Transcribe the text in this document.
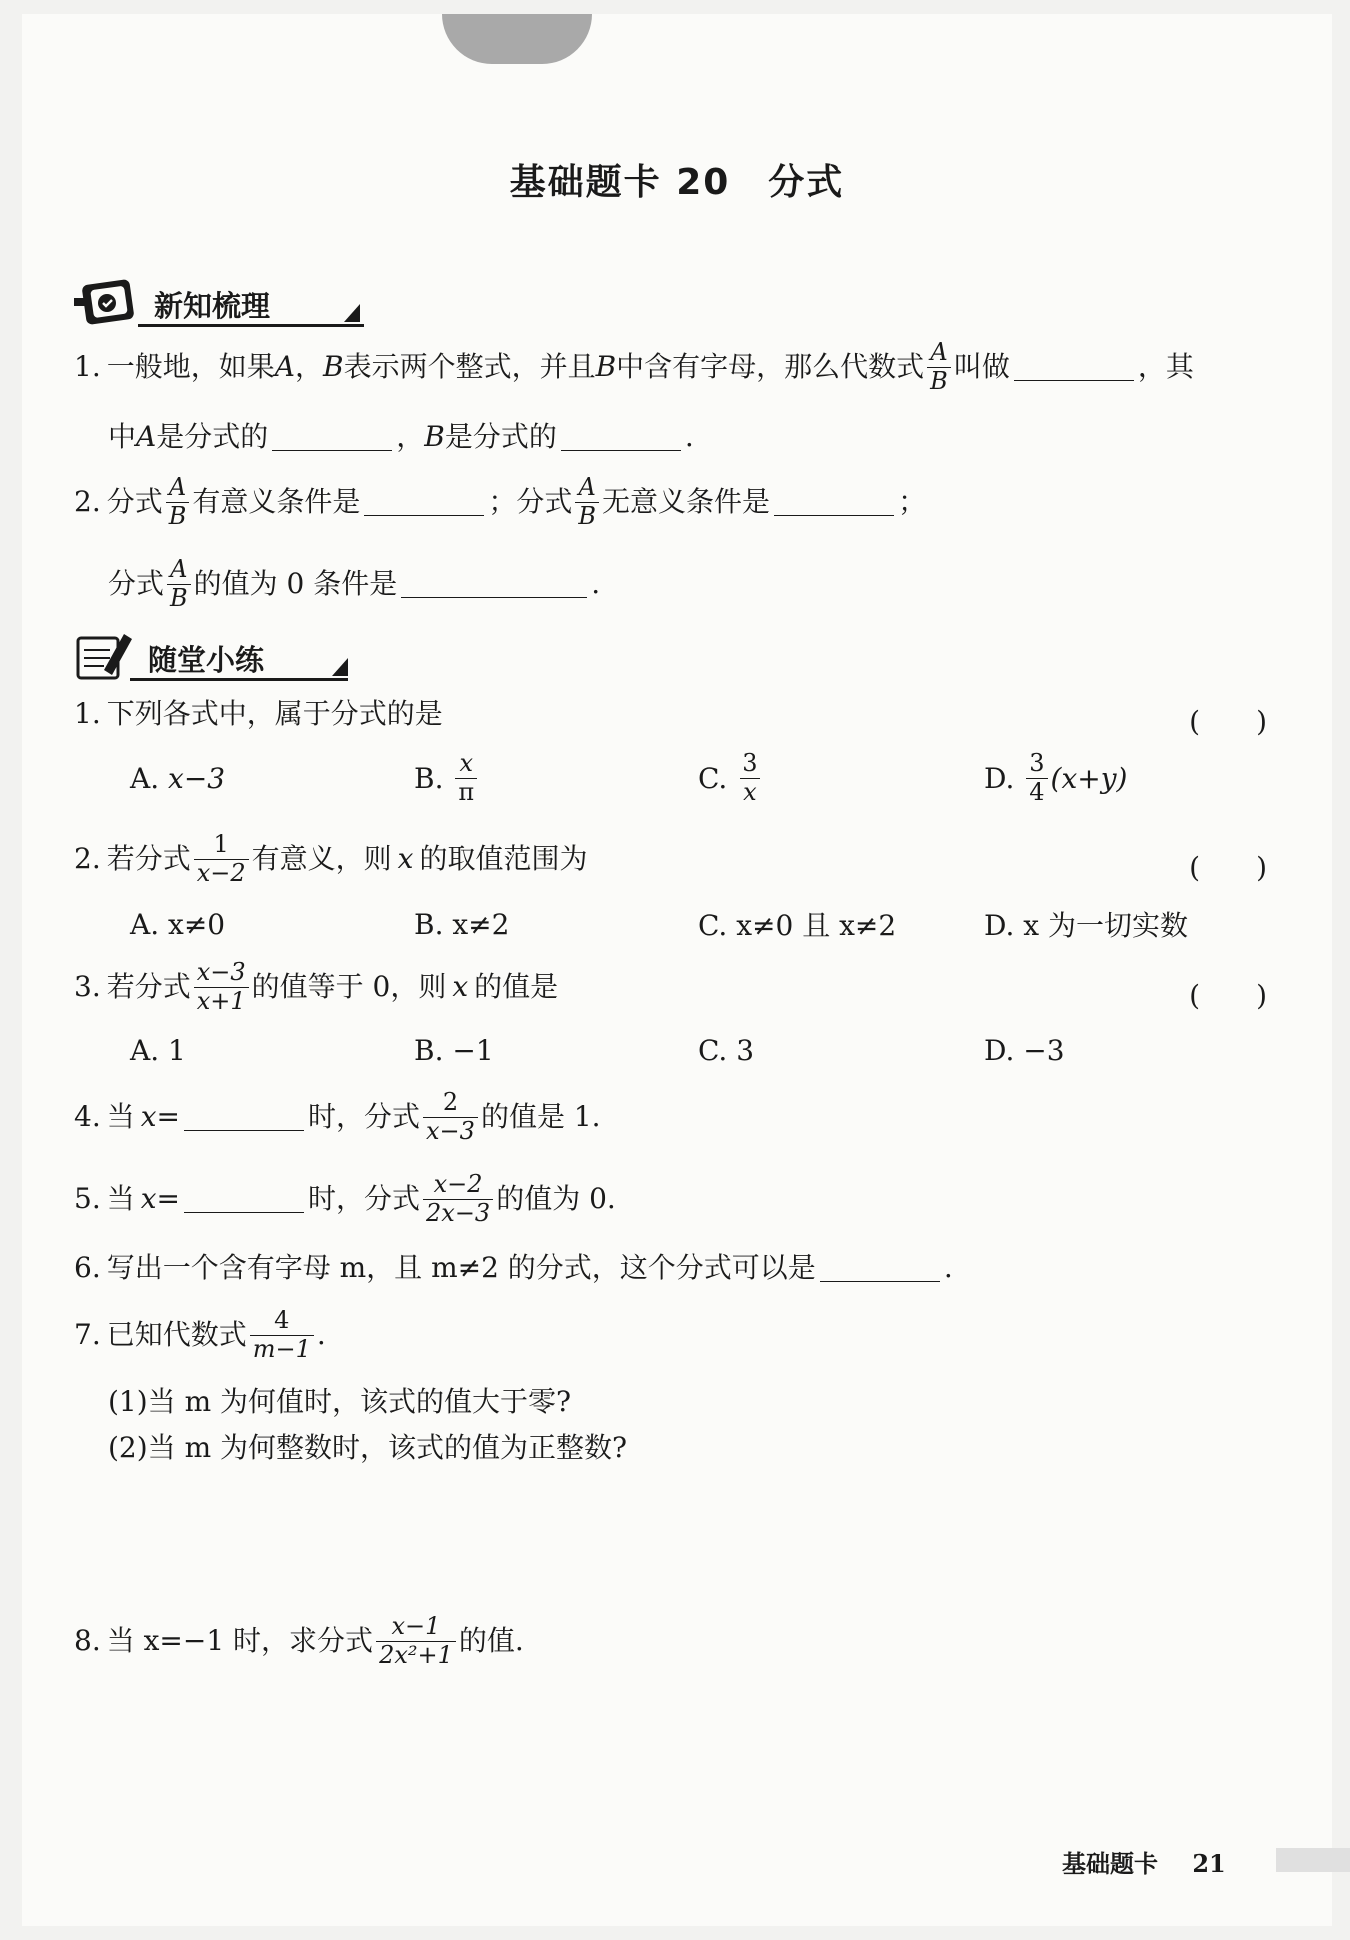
基础题卡 20　分式
新知梳理
1. 一般地，如果 A ， B 表示两个整式，并且 B 中含有字母，那么代数式 $\frac{A}{B}$ 叫做	，其
中 A 是分式的	， B 是分式的	.
2. 分式 $\frac{A}{B}$ 有意义条件是	；分式 $\frac{A}{B}$ 无意义条件是	；
分式 $\frac{A}{B}$ 的值为 0 条件是	.
随堂小练
1. 下列各式中，属于分式的是	(　　)
A.
x−3	B.
$\frac{x}{\pi}$	C.
$\frac{3}{x}$	D.
$\frac{3}{4} (x+y)$
2. 若分式 $\frac{1}{x-2}$ 有意义，则 x 的取值范围为	(　　)
A. x≠0	B. x≠2	C. x≠0 且 x≠2	D. x 为一切实数
3. 若分式 $\frac{x-3}{x+1}$ 的值等于 0，则 x 的值是	(　　)
A. 1	B. −1	C. 3	D. −3
4. 当 x =	时，分式 $\frac{2}{x-3}$ 的值是 1.
5. 当 x =	时，分式 $\frac{x-2}{2x-3}$ 的值为 0.
6. 写出一个含有字母 m，且 m≠2 的分式，这个分式可以是	.
7. 已知代数式 $\frac{4}{m-1}$ .
(1)当 m 为何值时，该式的值大于零?
(2)当 m 为何整数时，该式的值为正整数?
8. 当 x=−1 时，求分式 $\frac{x-1}{\text{2x²+1}}$ 的值.
基础题卡 21
